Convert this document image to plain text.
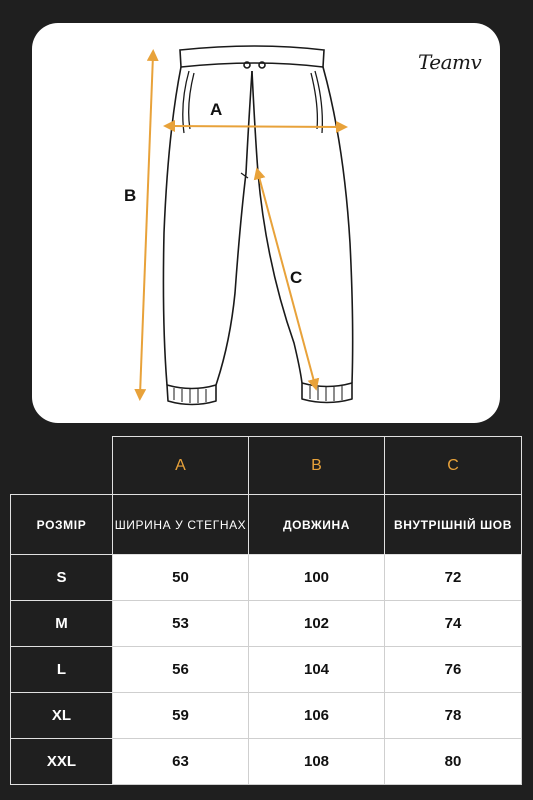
A
B
C
Teamv
	A	B	C
РОЗМІР	ШИРИНА У СТЕГНАХ	ДОВЖИНА	ВНУТРІШНІЙ ШОВ
S	50	100	72
M	53	102	74
L	56	104	76
XL	59	106	78
XXL	63	108	80
